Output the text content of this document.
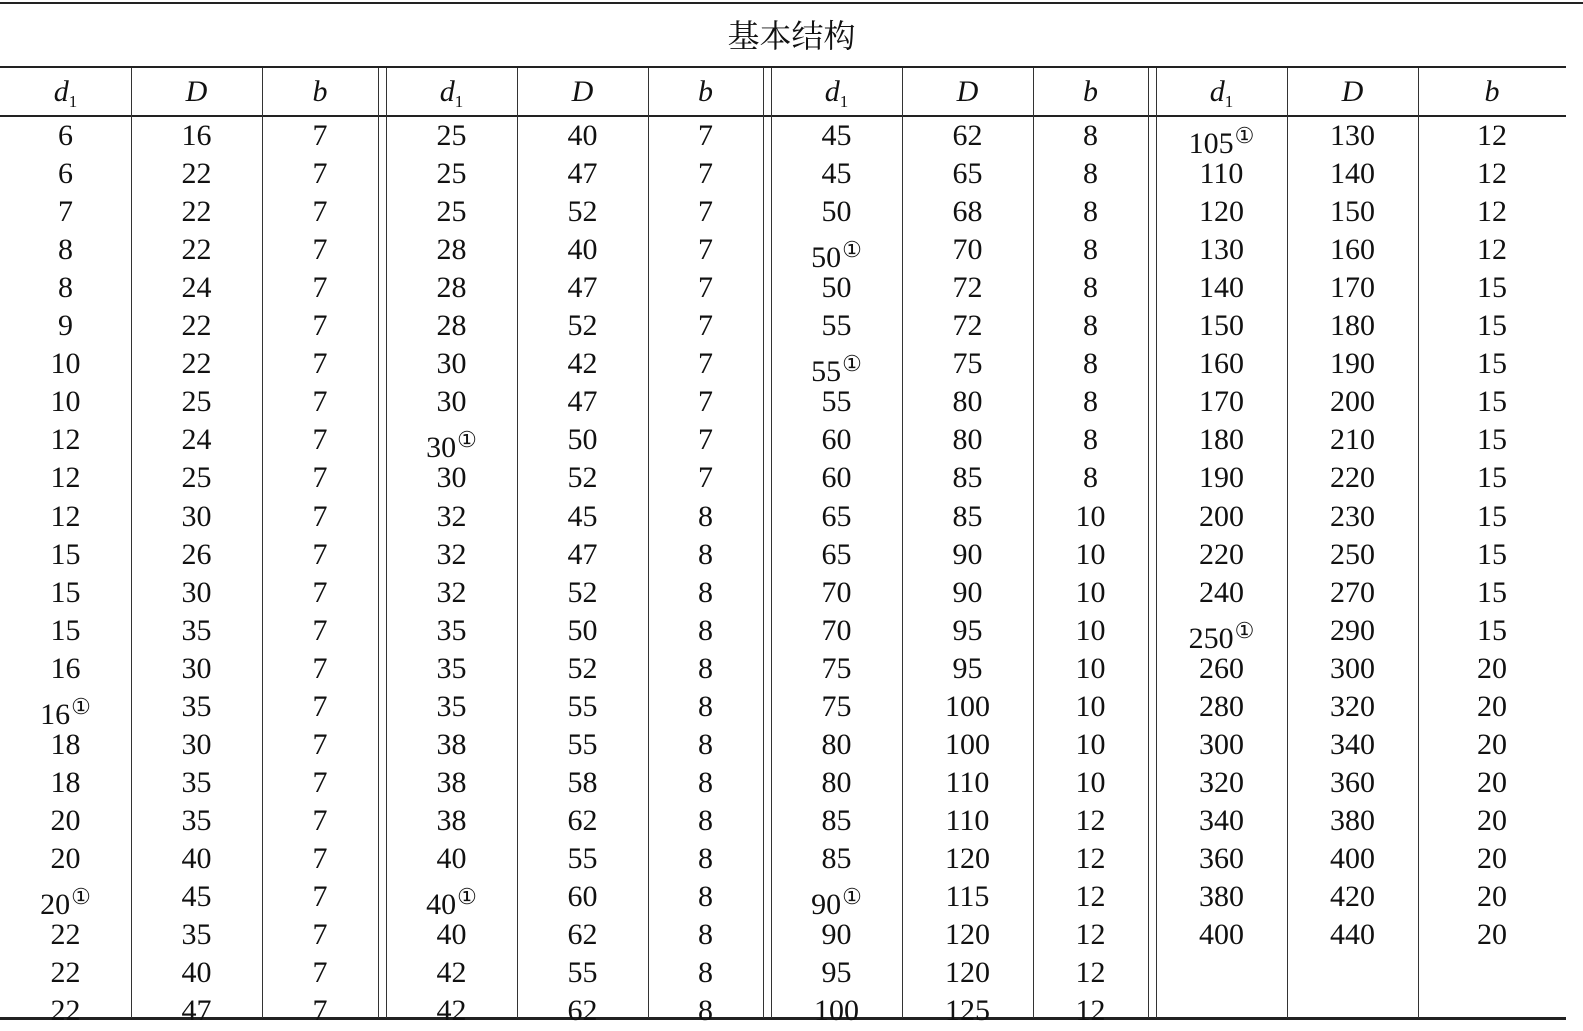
基本结构
$d_1$	D	b
6	16	7
6	22	7
7	22	7
8	22	7
8	24	7
9	22	7
10	22	7
10	25	7
12	24	7
12	25	7
12	30	7
15	26	7
15	30	7
15	35	7
16	30	7
16①	35	7
18	30	7
18	35	7
20	35	7
20	40	7
20①	45	7
22	35	7
22	40	7
22	47	7
$d_1$	D	b
25	40	7
25	47	7
25	52	7
28	40	7
28	47	7
28	52	7
30	42	7
30	47	7
30①	50	7
30	52	7
32	45	8
32	47	8
32	52	8
35	50	8
35	52	8
35	55	8
38	55	8
38	58	8
38	62	8
40	55	8
40①	60	8
40	62	8
42	55	8
42	62	8
$d_1$	D	b
45	62	8
45	65	8
50	68	8
50①	70	8
50	72	8
55	72	8
55①	75	8
55	80	8
60	80	8
60	85	8
65	85	10
65	90	10
70	90	10
70	95	10
75	95	10
75	100	10
80	100	10
80	110	10
85	110	12
85	120	12
90①	115	12
90	120	12
95	120	12
100	125	12
$d_1$	D	b
105①	130	12
110	140	12
120	150	12
130	160	12
140	170	15
150	180	15
160	190	15
170	200	15
180	210	15
190	220	15
200	230	15
220	250	15
240	270	15
250①	290	15
260	300	20
280	320	20
300	340	20
320	360	20
340	380	20
360	400	20
380	420	20
400	440	20
